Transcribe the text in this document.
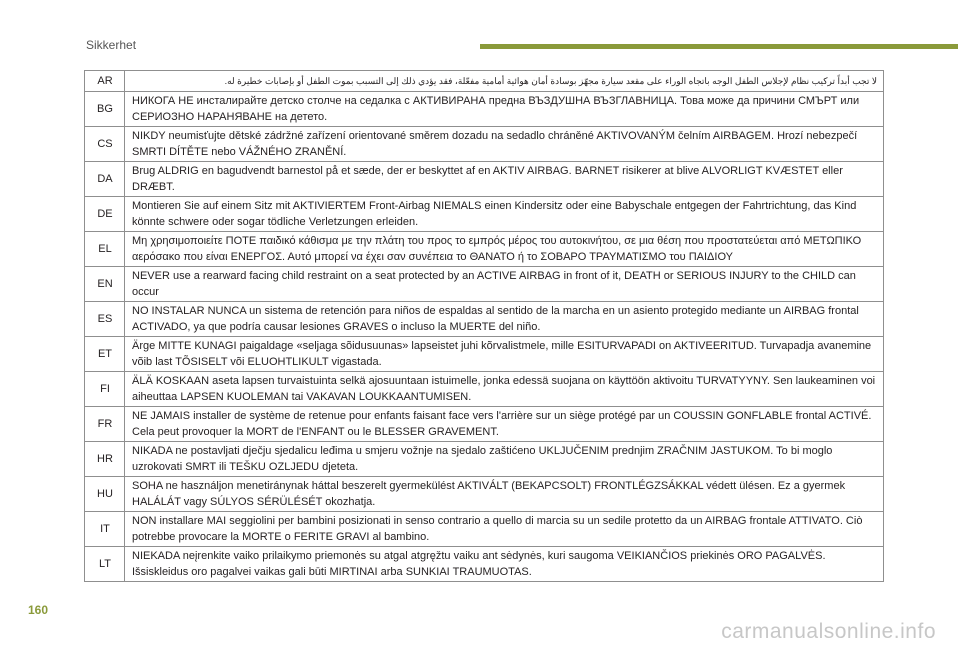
Sikkerhet
AR	لا تجب أبداً تركيب نظام لإجلاس الطفل الوجه باتجاه الوراء على مقعد سيارة مجهّز بوسادة أمان هوائية أمامية مفعّلة، فقد يؤدي ذلك إلى التسبب بموت الطفل أو بإصابات خطيرة له.
BG	НИКОГА НЕ инсталирайте детско столче на седалка с АКТИВИРАНА предна ВЪЗДУШНА ВЪЗГЛАВНИЦА. Това може да причини СМЪРТ или СЕРИОЗНО НАРАНЯВАНЕ на детето.
CS	NIKDY neumisťujte dětské zádržné zařízení orientované směrem dozadu na sedadlo chráněné AKTIVOVANÝM čelním AIRBAGEM. Hrozí nebezpečí SMRTI DÍTĚTE nebo VÁŽNÉHO ZRANĚNÍ.
DA	Brug ALDRIG en bagudvendt barnestol på et sæde, der er beskyttet af en AKTIV AIRBAG. BARNET risikerer at blive ALVORLIGT KVÆSTET eller DRÆBT.
DE	Montieren Sie auf einem Sitz mit AKTIVIERTEM Front-Airbag NIEMALS einen Kindersitz oder eine Babyschale entgegen der Fahrtrichtung, das Kind könnte schwere oder sogar tödliche Verletzungen erleiden.
EL	Μη χρησιμοποιείτε ΠΟΤΕ παιδικό κάθισμα με την πλάτη του προς το εμπρός μέρος του αυτοκινήτου, σε μια θέση που προστατεύεται από ΜΕΤΩΠΙΚΟ αερόσακο που είναι ΕΝΕΡΓΟΣ. Αυτό μπορεί να έχει σαν συνέπεια το ΘΑΝΑΤΟ ή το ΣΟΒΑΡΟ ΤΡΑΥΜΑΤΙΣΜΟ του ΠΑΙΔΙΟΥ
EN	NEVER use a rearward facing child restraint on a seat protected by an ACTIVE AIRBAG in front of it, DEATH or SERIOUS INJURY to the CHILD can occur
ES	NO INSTALAR NUNCA un sistema de retención para niños de espaldas al sentido de la marcha en un asiento protegido mediante un AIRBAG frontal ACTIVADO, ya que podría causar lesiones GRAVES o incluso la MUERTE del niño.
ET	Ärge MITTE KUNAGI paigaldage «seljaga sõidusuunas» lapseistet juhi kõrvalistmele, mille ESITURVAPADI on AKTIVEERITUD. Turvapadja avanemine võib last TÕSISELT või ELUOHTLIKULT vigastada.
FI	ÄLÄ KOSKAAN aseta lapsen turvaistuinta selkä ajosuuntaan istuimelle, jonka edessä suojana on käyttöön aktivoitu TURVATYYNY. Sen laukeaminen voi aiheuttaa LAPSEN KUOLEMAN tai VAKAVAN LOUKKAANTUMISEN.
FR	NE JAMAIS installer de système de retenue pour enfants faisant face vers l'arrière sur un siège protégé par un COUSSIN GONFLABLE frontal ACTIVÉ. Cela peut provoquer la MORT de l'ENFANT ou le BLESSER GRAVEMENT.
HR	NIKADA ne postavljati dječju sjedalicu leđima u smjeru vožnje na sjedalo zaštićeno UKLJUČENIM prednjim ZRAČNIM JASTUKOM. To bi moglo uzrokovati SMRT ili TEŠKU OZLJEDU djeteta.
HU	SOHA ne használjon menetiránynak háttal beszerelt gyermekülést AKTIVÁLT (BEKAPCSOLT) FRONTLÉGZSÁKKAL védett ülésen. Ez a gyermek HALÁLÁT vagy SÚLYOS SÉRÜLÉSÉT okozhatja.
IT	NON installare MAI seggiolini per bambini posizionati in senso contrario a quello di marcia su un sedile protetto da un AIRBAG frontale ATTIVATO. Ciò potrebbe provocare la MORTE o FERITE GRAVI al bambino.
LT	NIEKADA neįrenkite vaiko prilaikymo priemonės su atgal atgręžtu vaiku ant sėdynės, kuri saugoma VEIKIANČIOS priekinės ORO PAGALVĖS. Išsiskleidus oro pagalvei vaikas gali būti MIRTINAI arba SUNKIAI TRAUMUOTAS.
160
carmanualsonline.info
